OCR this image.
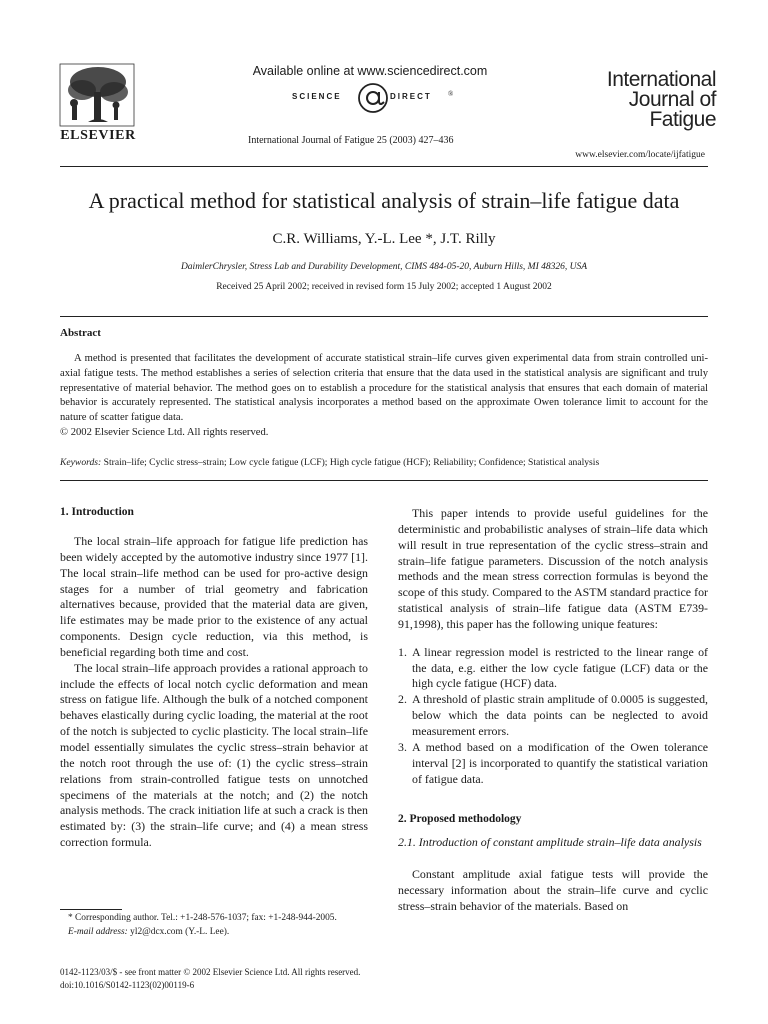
ELSEVIER
Available online at www.sciencedirect.com
SCIENCE	DIRECT ®
International Journal of Fatigue 25 (2003) 427–436
International
Journal of
Fatigue
www.elsevier.com/locate/ijfatigue
A practical method for statistical analysis of strain–life fatigue data
C.R. Williams, Y.-L. Lee *, J.T. Rilly
DaimlerChrysler, Stress Lab and Durability Development, CIMS 484-05-20, Auburn Hills, MI 48326, USA
Received 25 April 2002; received in revised form 15 July 2002; accepted 1 August 2002
Abstract
A method is presented that facilitates the development of accurate statistical strain–life curves given experimental data from strain controlled uni-axial fatigue tests. The method establishes a series of selection criteria that ensure that the data used in the statistical analysis are significant and truly representative of material behavior. The method goes on to establish a procedure for the statistical analysis that ensures that each domain of material behavior is accurately represented. The statistical analysis incorporates a method based on the approximate Owen tolerance limit to account for the nature of scatter fatigue data.
© 2002 Elsevier Science Ltd. All rights reserved.
Keywords: Strain–life; Cyclic stress–strain; Low cycle fatigue (LCF); High cycle fatigue (HCF); Reliability; Confidence; Statistical analysis

1. Introduction

The local strain–life approach for fatigue life prediction has been widely accepted by the automotive industry since 1977 [1]. The local strain–life method can be used for pro-active design stages for a number of trial geometry and fabrication alternatives because, provided that the material data are given, life estimates may be made prior to the existence of any actual components. Design cycle reduction, via this method, is beneficial regarding both time and cost.

The local strain–life approach provides a rational approach to include the effects of local notch cyclic deformation and mean stress on fatigue life. Although the bulk of a notched component behaves elastically during cyclic loading, the material at the root of the notch is subjected to cyclic plasticity. The local strain–life model essentially simulates the cyclic stress–strain behavior at the notch root through the use of: (1) the cyclic stress–strain relations from strain-controlled fatigue tests on unnotched specimens of the materials at the notch; and (2) the notch analysis methods. The crack initiation life at such a crack is then estimated by: (3) the strain–life curve; and (4) a mean stress correction formula.

* Corresponding author. Tel.: +1-248-576-1037; fax: +1-248-944-2005.
E-mail address: yl2@dcx.com (Y.-L. Lee).

This paper intends to provide useful guidelines for the deterministic and probabilistic analyses of strain–life data which will result in true representation of the cyclic stress–strain and strain–life fatigue parameters. Discussion of the notch analysis methods and the mean stress correction formulas is beyond the scope of this study. Compared to the ASTM standard practice for statistical analysis of strain–life fatigue data (ASTM E739-91,1998), this paper has the following unique features:

1. A linear regression model is restricted to the linear range of the data, e.g. either the low cycle fatigue (LCF) data or the high cycle fatigue (HCF) data.
2. A threshold of plastic strain amplitude of 0.0005 is suggested, below which the data points can be neglected to avoid measurement errors.
3. A method based on a modification of the Owen tolerance interval [2] is incorporated to quantify the statistical variation of fatigue data.

2. Proposed methodology

2.1. Introduction of constant amplitude strain–life data analysis

Constant amplitude axial fatigue tests will provide the necessary information about the strain–life curve and cyclic stress–strain behavior of the materials. Based on

0142-1123/03/$ - see front matter © 2002 Elsevier Science Ltd. All rights reserved.
doi:10.1016/S0142-1123(02)00119-6
